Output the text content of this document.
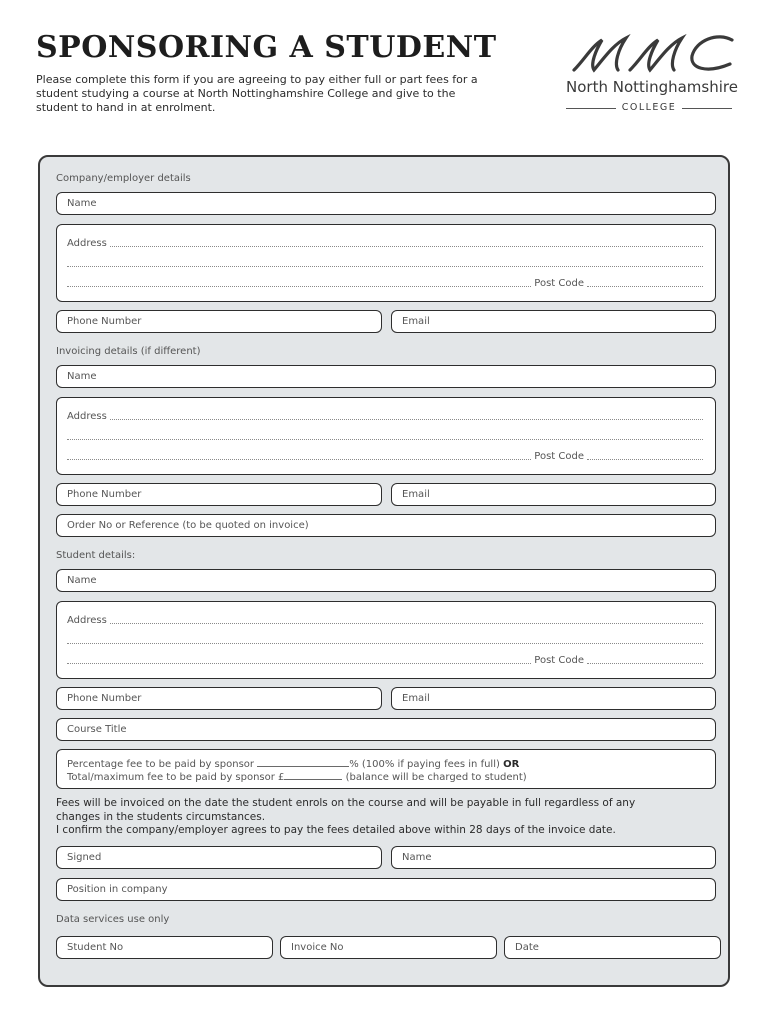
SPONSORING A STUDENT
Please complete this form if you are agreeing to pay either full or part fees for a student studying a course at North Nottinghamshire College and give to the student to hand in at enrolment.
North Nottinghamshire
COLLEGE
Company/employer details
Name
Address
Post Code
Phone Number	Email
Invoicing details (if different)
Name
Address
Post Code
Phone Number	Email
Order No or Reference (to be quoted on invoice)
Student details:
Name
Address
Post Code
Phone Number	Email
Course Title
Percentage fee to be paid by sponsor	% (100% if paying fees in full) OR
Total/maximum fee to be paid by sponsor £	(balance will be charged to student)
Fees will be invoiced on the date the student enrols on the course and will be payable in full regardless of any changes in the students circumstances.
I confirm the company/employer agrees to pay the fees detailed above within 28 days of the invoice date.
Signed	Name
Position in company
Data services use only
Student No	Invoice No	Date
